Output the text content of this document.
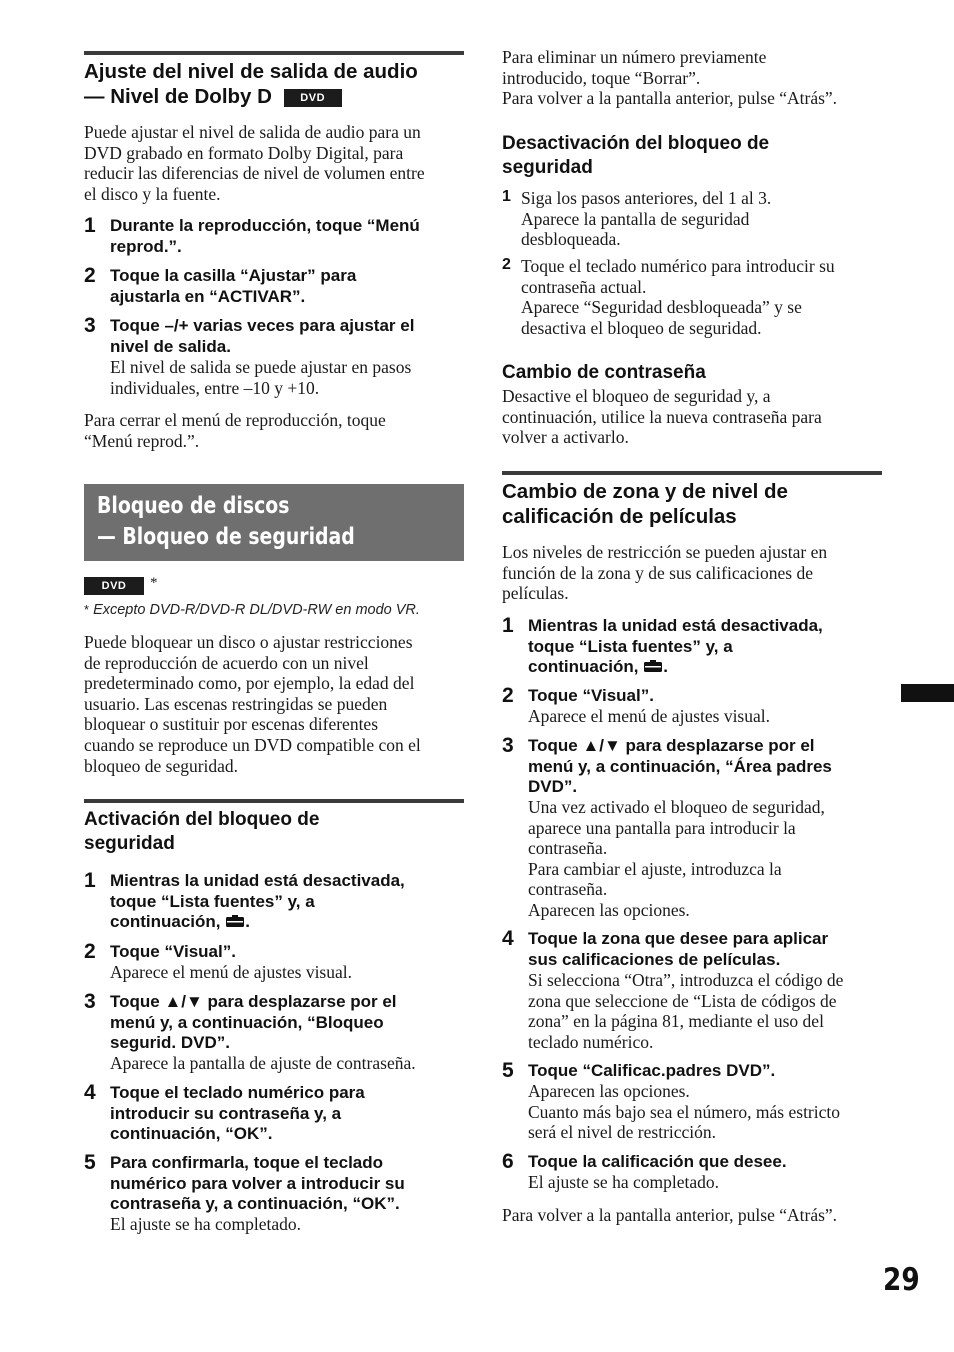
Ajuste del nivel de salida de audio
— Nivel de Dolby D	DVD
Puede ajustar el nivel de salida de audio para un
DVD grabado en formato Dolby Digital, para
reducir las diferencias de nivel de volumen entre
el disco y la fuente.
1 Durante la reproducción, toque “Menú
reprod.”.
2 Toque la casilla “Ajustar” para
ajustarla en “ACTIVAR”.
3 Toque –/+ varias veces para ajustar el
nivel de salida.
El nivel de salida se puede ajustar en pasos
individuales, entre –10 y +10.
Para cerrar el menú de reproducción, toque
“Menú reprod.”.
Bloqueo de discos
— Bloqueo de seguridad
DVD *
* Excepto DVD-R/DVD-R DL/DVD-RW en modo VR.
Puede bloquear un disco o ajustar restricciones
de reproducción de acuerdo con un nivel
predeterminado como, por ejemplo, la edad del
usuario. Las escenas restringidas se pueden
bloquear o sustituir por escenas diferentes
cuando se reproduce un DVD compatible con el
bloqueo de seguridad.
Activación del bloqueo de
seguridad
1 Mientras la unidad está desactivada,
toque “Lista fuentes” y, a
continuación, .
2 Toque “Visual”.
Aparece el menú de ajustes visual.
3 Toque ▲/▼ para desplazarse por el
menú y, a continuación, “Bloqueo
segurid. DVD”.
Aparece la pantalla de ajuste de contraseña.
4 Toque el teclado numérico para
introducir su contraseña y, a
continuación, “OK”.
5 Para confirmarla, toque el teclado
numérico para volver a introducir su
contraseña y, a continuación, “OK”.
El ajuste se ha completado.
Para eliminar un número previamente
introducido, toque “Borrar”.
Para volver a la pantalla anterior, pulse “Atrás”.
Desactivación del bloqueo de
seguridad
1 Siga los pasos anteriores, del 1 al 3.
Aparece la pantalla de seguridad
desbloqueada.
2 Toque el teclado numérico para introducir su
contraseña actual.
Aparece “Seguridad desbloqueada” y se
desactiva el bloqueo de seguridad.
Cambio de contraseña
Desactive el bloqueo de seguridad y, a
continuación, utilice la nueva contraseña para
volver a activarlo.
Cambio de zona y de nivel de
calificación de películas
Los niveles de restricción se pueden ajustar en
función de la zona y de sus calificaciones de
películas.
1 Mientras la unidad está desactivada,
toque “Lista fuentes” y, a
continuación, .
2 Toque “Visual”.
Aparece el menú de ajustes visual.
3 Toque ▲/▼ para desplazarse por el
menú y, a continuación, “Área padres
DVD”.
Una vez activado el bloqueo de seguridad,
aparece una pantalla para introducir la
contraseña.
Para cambiar el ajuste, introduzca la
contraseña.
Aparecen las opciones.
4 Toque la zona que desee para aplicar
sus calificaciones de películas.
Si selecciona “Otra”, introduzca el código de
zona que seleccione de “Lista de códigos de
zona” en la página 81, mediante el uso del
teclado numérico.
5 Toque “Calificac.padres DVD”.
Aparecen las opciones.
Cuanto más bajo sea el número, más estricto
será el nivel de restricción.
6 Toque la calificación que desee.
El ajuste se ha completado.
Para volver a la pantalla anterior, pulse “Atrás”.
29
